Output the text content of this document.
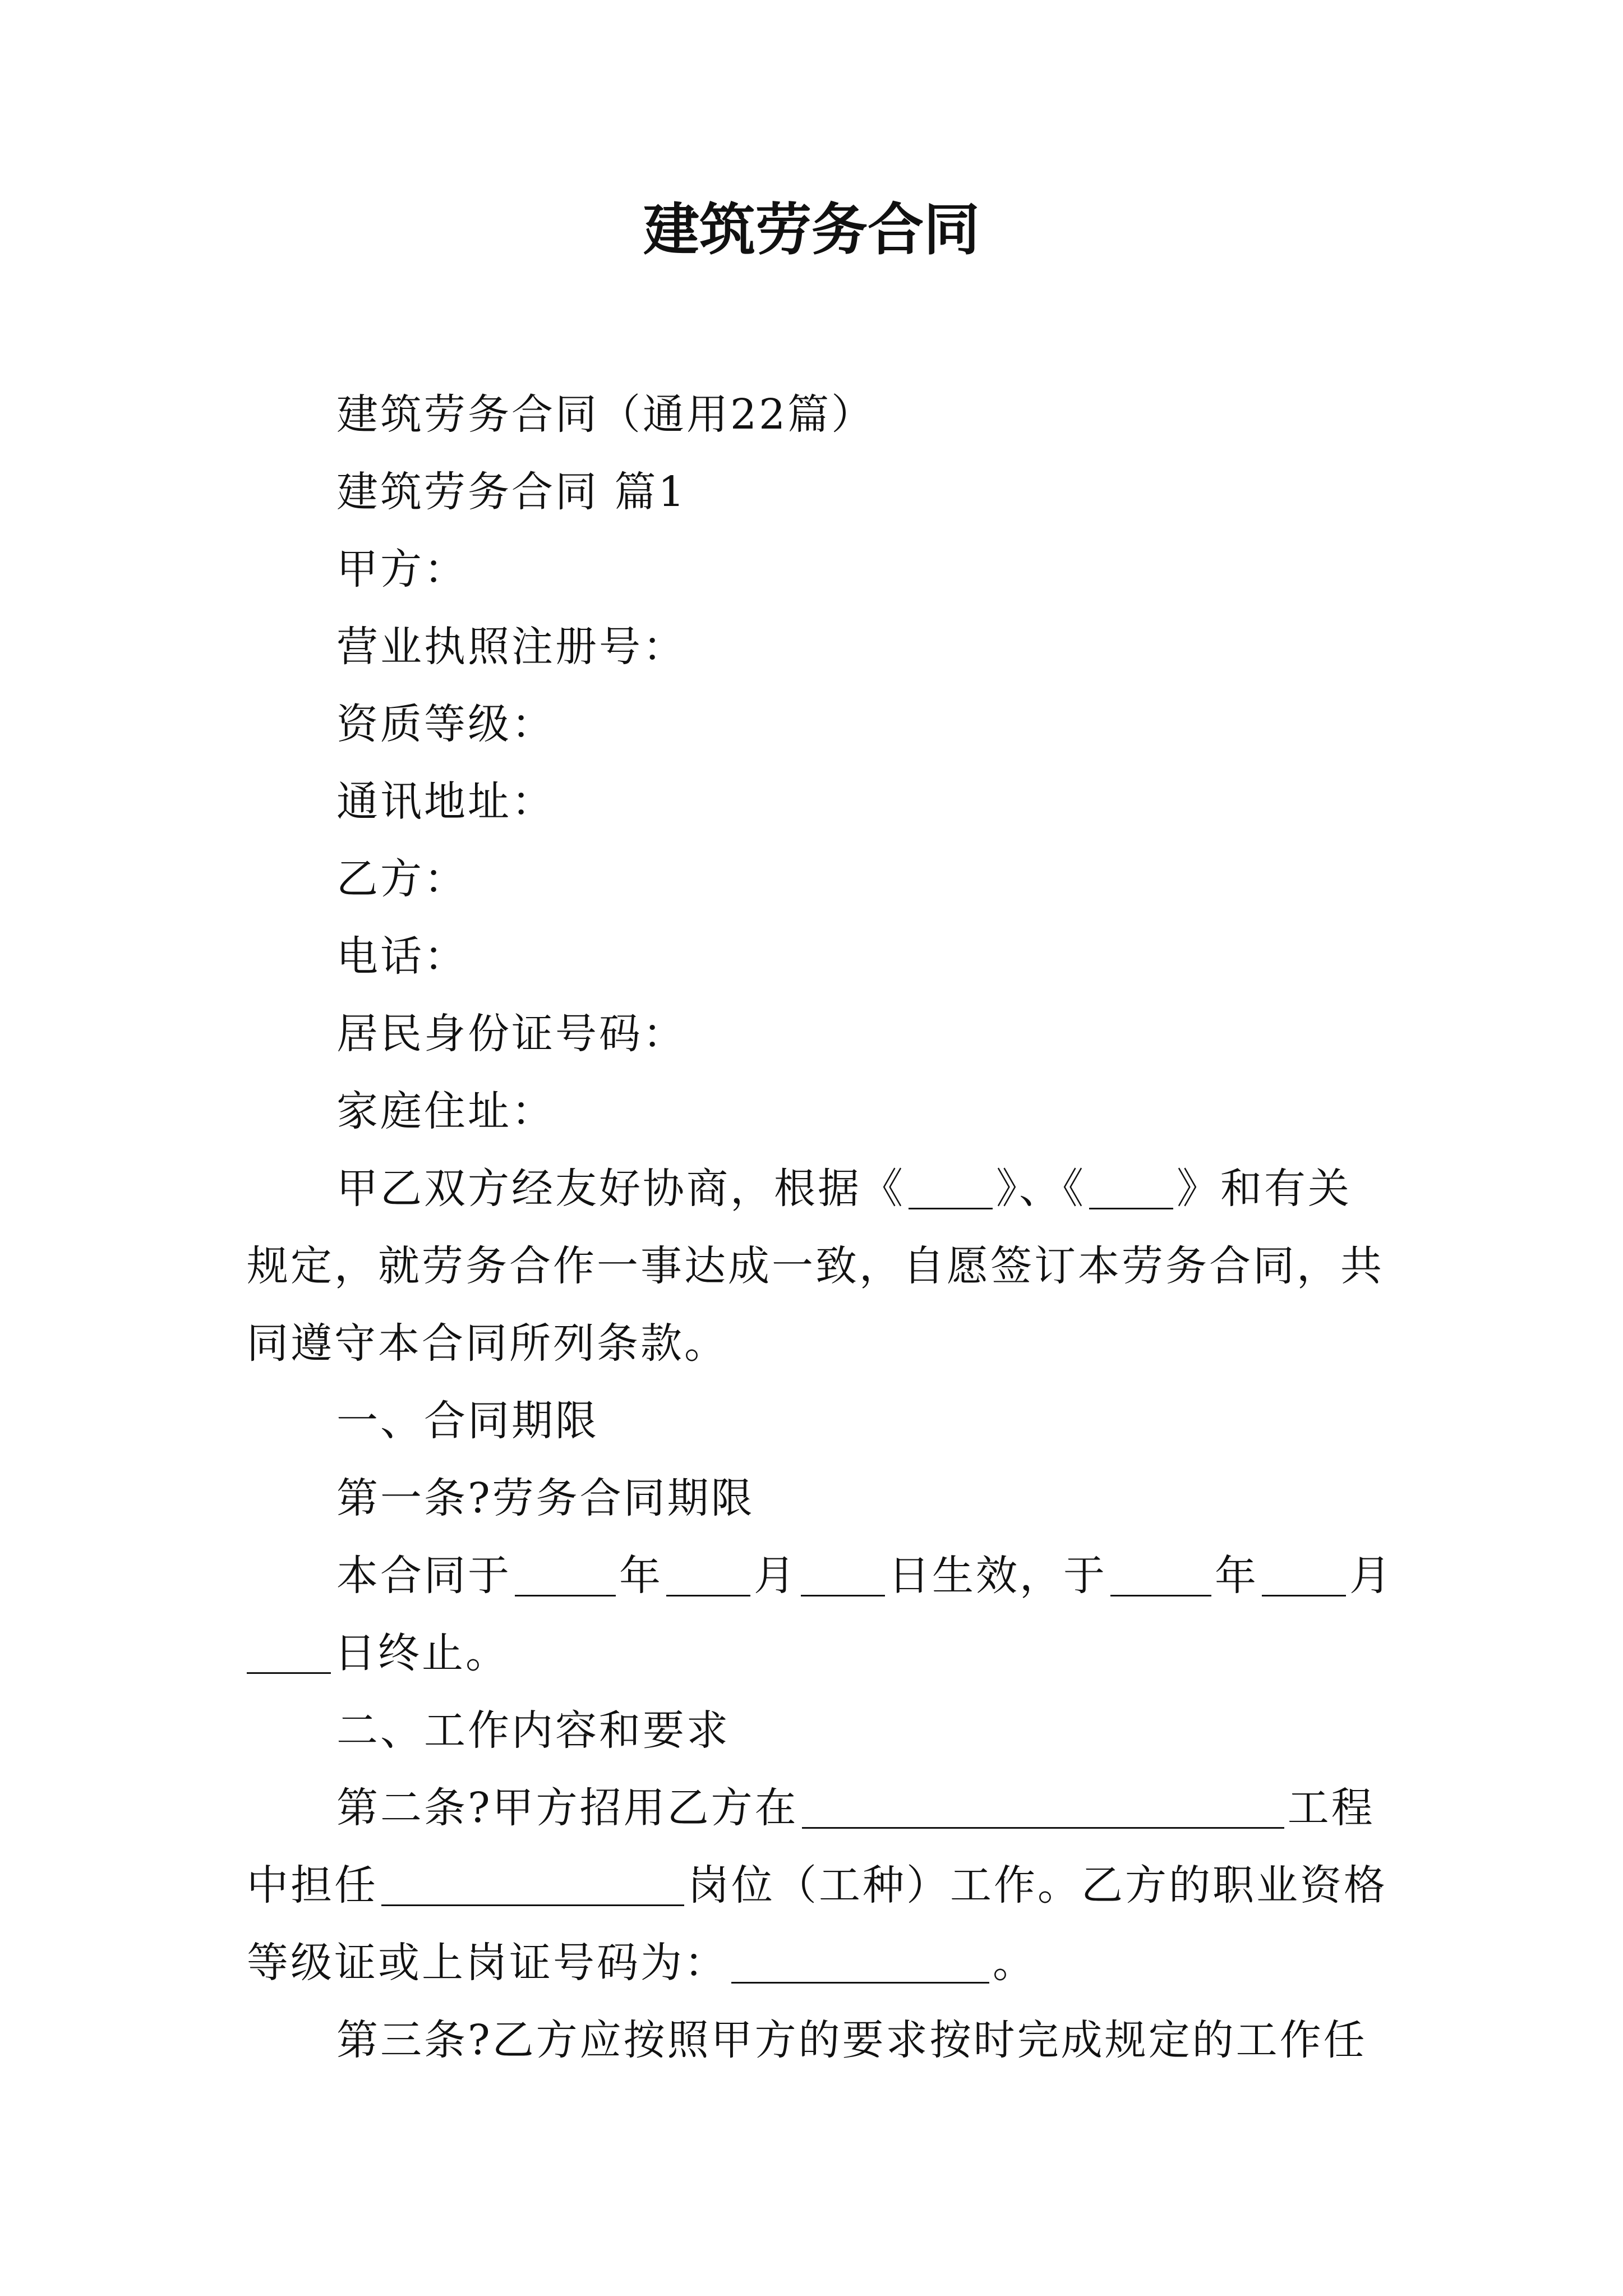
建筑劳务合同
建筑劳务合同（通用22篇）
建筑劳务合同 篇1
甲方：
营业执照注册号：
资质等级：
通讯地址：
乙方：
电话：
居民身份证号码：
家庭住址：
甲乙双方经友好协商，根据《 》、《 》和有关
规定，就劳务合作一事达成一致，自愿签订本劳务合同，共
同遵守本合同所列条款。
一、合同期限
第一条?劳务合同期限
本合同于	年 月 日生效，于	年 月
日终止。
二、工作内容和要求
第二条?甲方招用乙方在	工程
中担任	岗位（工种）工作。乙方的职业资格
等级证或上岗证号码为：	。
第三条?乙方应按照甲方的要求按时完成规定的工作任
